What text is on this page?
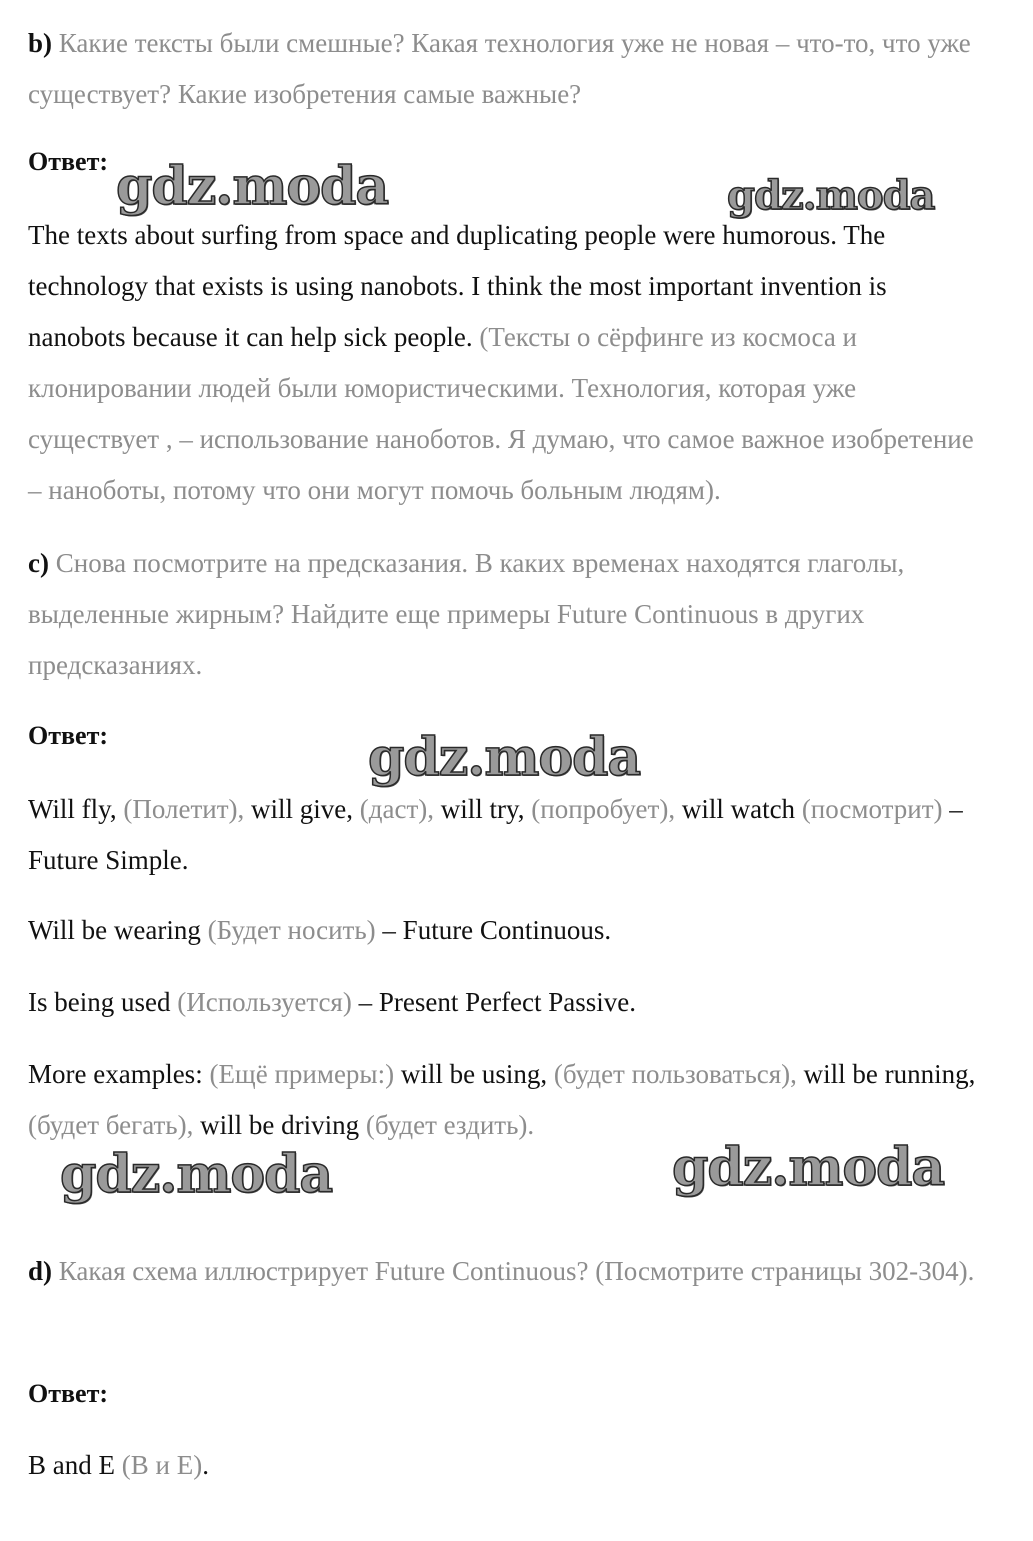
b) Какие тексты были смешные? Какая технология уже не новая – что-то, что уже существует? Какие изобретения самые важные?

Ответ:

The texts about surfing from space and duplicating people were humorous. The technology that exists is using nanobots. I think the most important invention is nanobots because it can help sick people. (Тексты о сёрфинге из космоса и клонировании людей были юмористическими. Технология, которая уже существует , – использование наноботов. Я думаю, что самое важное изобретение – наноботы, потому что они могут помочь больным людям).

c) Снова посмотрите на предсказания. В каких временах находятся глаголы, выделенные жирным? Найдите еще примеры Future Continuous в других предсказаниях.

Ответ:

Will fly, (Полетит), will give, (даст), will try, (попробует), will watch (посмотрит) – Future Simple.

Will be wearing (Будет носить) – Future Continuous.

Is being used (Используется) – Present Perfect Passive.

More examples: (Ещё примеры:) will be using, (будет пользоваться), will be running, (будет бегать), will be driving (будет ездить).

d) Какая схема иллюстрирует Future Continuous? (Посмотрите страницы 302-304).

Ответ:

B and E (В и Е).

gdz.moda	gdz.moda
gdz.moda
gdz.moda	gdz.moda
